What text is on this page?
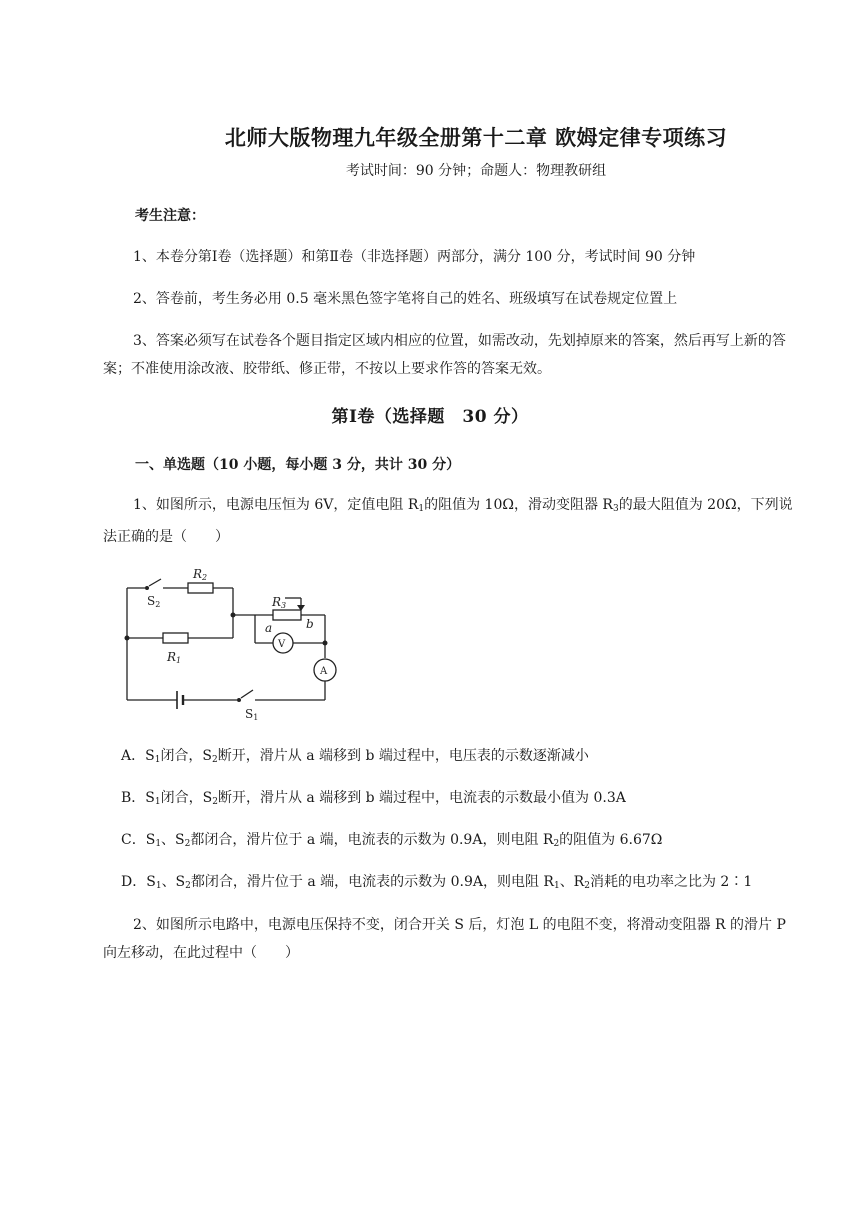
北师大版物理九年级全册第十二章 欧姆定律专项练习
考试时间：90 分钟；命题人：物理教研组
考生注意：

1、本卷分第Ⅰ卷（选择题）和第Ⅱ卷（非选择题）两部分，满分 100 分，考试时间 90 分钟

2、答卷前，考生务必用 0.5 毫米黑色签字笔将自己的姓名、班级填写在试卷规定位置上

3、答案必须写在试卷各个题目指定区域内相应的位置，如需改动，先划掉原来的答案，然后再写上新的答案；不准使用涂改液、胶带纸、修正带，不按以上要求作答的答案无效。

第Ⅰ卷（选择题　30 分）
一、单选题（10 小题，每小题 3 分，共计 30 分）

1、如图所示，电源电压恒为 6V，定值电阻 $R_1$的阻值为 10Ω，滑动变阻器 $R_3$的最大阻值为 20Ω，下列说法正确的是（　　）

R2
S2	R3
a	b
V
A
R1
S1
A．$S_1$闭合，$S_2$断开，滑片从 a 端移到 b 端过程中，电压表的示数逐渐减小
B．$S_1$闭合，$S_2$断开，滑片从 a 端移到 b 端过程中，电流表的示数最小值为 0.3A
C．$S_1$、$S_2$都闭合，滑片位于 a 端，电流表的示数为 0.9A，则电阻 $R_2$的阻值为 6.67Ω
D．$S_1$、$S_2$都闭合，滑片位于 a 端，电流表的示数为 0.9A，则电阻 $R_1$、$R_2$消耗的电功率之比为 2∶1

2、如图所示电路中，电源电压保持不变，闭合开关 S 后，灯泡 L 的电阻不变，将滑动变阻器 R 的滑片 P 向左移动，在此过程中（　　）
